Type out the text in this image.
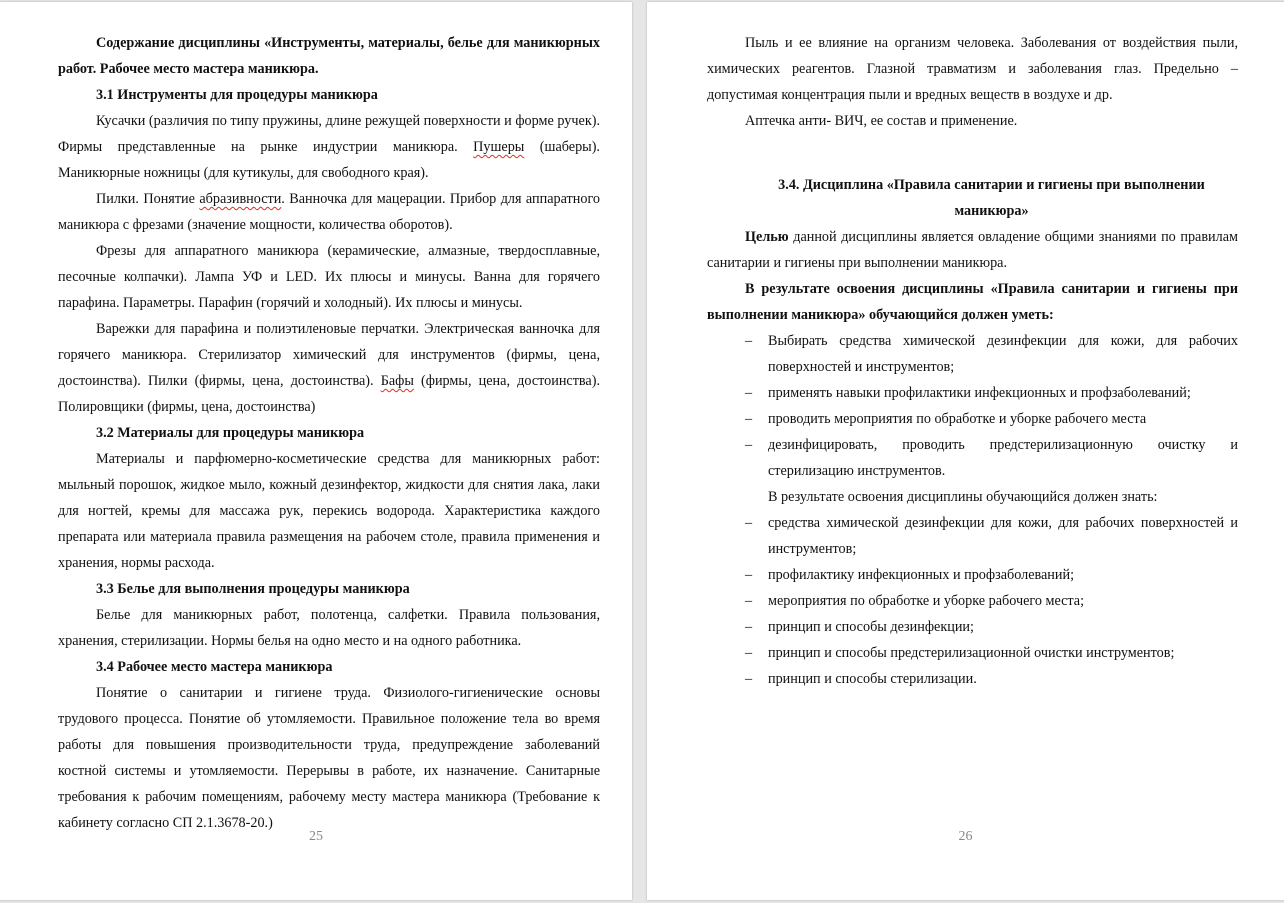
Содержание дисциплины «Инструменты, материалы, белье для маникюрных работ. Рабочее место мастера маникюра.

3.1 Инструменты для процедуры маникюра

Кусачки (различия по типу пружины, длине режущей поверхности и форме ручек). Фирмы представленные на рынке индустрии маникюра. Пушеры (шаберы). Маникюрные ножницы (для кутикулы, для свободного края).

Пилки. Понятие абразивности. Ванночка для мацерации. Прибор для аппаратного маникюра с фрезами (значение мощности, количества оборотов).

Фрезы для аппаратного маникюра (керамические, алмазные, твердосплавные, песочные колпачки). Лампа УФ и LED. Их плюсы и минусы. Ванна для горячего парафина. Параметры. Парафин (горячий и холодный). Их плюсы и минусы.

Варежки для парафина и полиэтиленовые перчатки. Электрическая ванночка для горячего маникюра. Стерилизатор химический для инструментов (фирмы, цена, достоинства). Пилки (фирмы, цена, достоинства). Бафы (фирмы, цена, достоинства). Полировщики (фирмы, цена, достоинства)

3.2 Материалы для процедуры маникюра

Материалы и парфюмерно-косметические средства для маникюрных работ: мыльный порошок, жидкое мыло, кожный дезинфектор, жидкости для снятия лака, лаки для ногтей, кремы для массажа рук, перекись водорода. Характеристика каждого препарата или материала правила размещения на рабочем столе, правила применения и хранения, нормы расхода.

3.3 Белье для выполнения процедуры маникюра

Белье для маникюрных работ, полотенца, салфетки. Правила пользования, хранения, стерилизации. Нормы белья на одно место и на одного работника.

3.4 Рабочее место мастера маникюра

Понятие о санитарии и гигиене труда. Физиолого-гигиенические основы трудового процесса. Понятие об утомляемости. Правильное положение тела во время работы для повышения производительности труда, предупреждение заболеваний костной системы и утомляемости. Перерывы в работе, их назначение. Санитарные требования к рабочим помещениям, рабочему месту мастера маникюра (Требование к кабинету согласно СП 2.1.3678-20.)

25

Пыль и ее влияние на организм человека. Заболевания от воздействия пыли, химических реагентов. Глазной травматизм и заболевания глаз. Предельно – допустимая концентрация пыли и вредных веществ в воздухе и др.

Аптечка анти- ВИЧ, ее состав и применение.

3.4. Дисциплина «Правила санитарии и гигиены при выполнении маникюра»

Целью данной дисциплины является овладение общими знаниями по правилам санитарии и гигиены при выполнении маникюра.

В результате освоения дисциплины «Правила санитарии и гигиены при выполнении маникюра» обучающийся должен уметь:

– Выбирать средства химической дезинфекции для кожи, для рабочих поверхностей и инструментов;
– применять навыки профилактики инфекционных и профзаболеваний;
– проводить мероприятия по обработке и уборке рабочего места
– дезинфицировать, проводить предстерилизационную очистку и стерилизацию инструментов.

В результате освоения дисциплины обучающийся должен знать:

– средства химической дезинфекции для кожи, для рабочих поверхностей и инструментов;
– профилактику инфекционных и профзаболеваний;
– мероприятия по обработке и уборке рабочего места;
– принцип и способы дезинфекции;
– принцип и способы предстерилизационной очистки инструментов;
– принцип и способы стерилизации.
26
